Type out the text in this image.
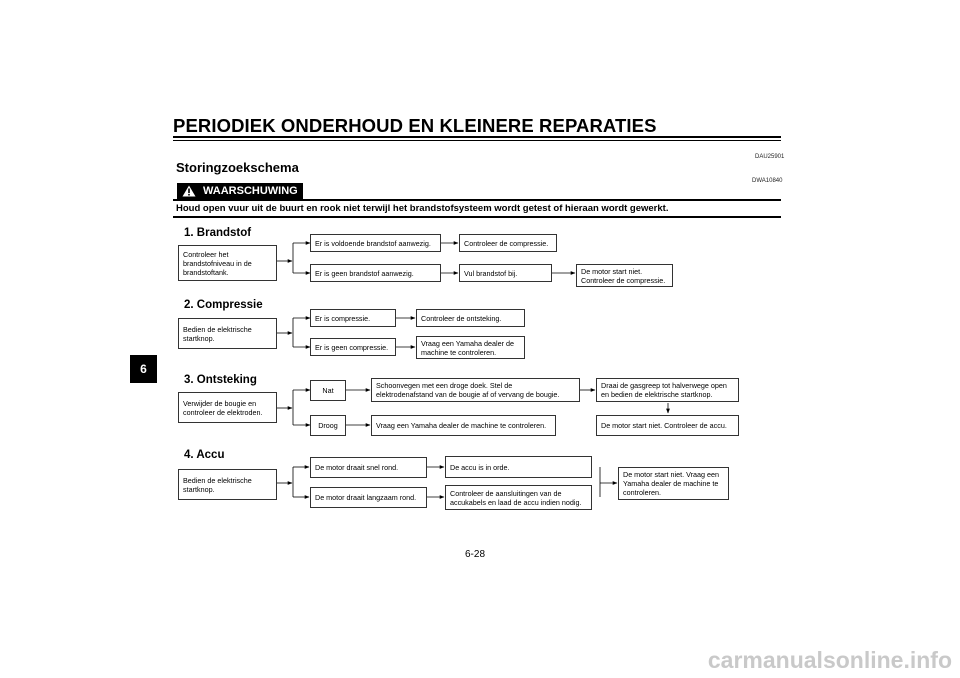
PERIODIEK ONDERHOUD EN KLEINERE REPARATIES
6
DAU25901
Storingzoekschema
DWA10840
WAARSCHUWING
Houd open vuur uit de buurt en rook niet terwijl het brandstofsysteem wordt getest of hieraan wordt gewerkt.
1. Brandstof
Controleer het
brandstofniveau in de
brandstoftank.
Er is voldoende brandstof aanwezig.	Controleer de compressie.
Er is geen brandstof aanwezig.	Vul brandstof bij.	De motor start niet.
Controleer de compressie.
2. Compressie
Bedien de elektrische
startknop.
Er is compressie.	Controleer de ontsteking.
Er is geen compressie.	Vraag een Yamaha dealer de
machine te controleren.
3. Ontsteking
Verwijder de bougie en
controleer de elektroden.
Nat
Schoonvegen met een droge doek. Stel de
elektrodenafstand van de bougie af of vervang de bougie.
Draai de gasgreep tot halverwege open
en bedien de elektrische startknop.
Droog	Vraag een Yamaha dealer de machine te controleren.	De motor start niet. Controleer de accu.
4. Accu
Bedien de elektrische
startknop.
De motor draait snel rond.	De accu is in orde.
De motor draait langzaam rond.	Controleer de aansluitingen van de
accukabels en laad de accu indien nodig.
De motor start niet. Vraag een
Yamaha dealer de machine te
controleren.
6-28
carmanualsonline.info
